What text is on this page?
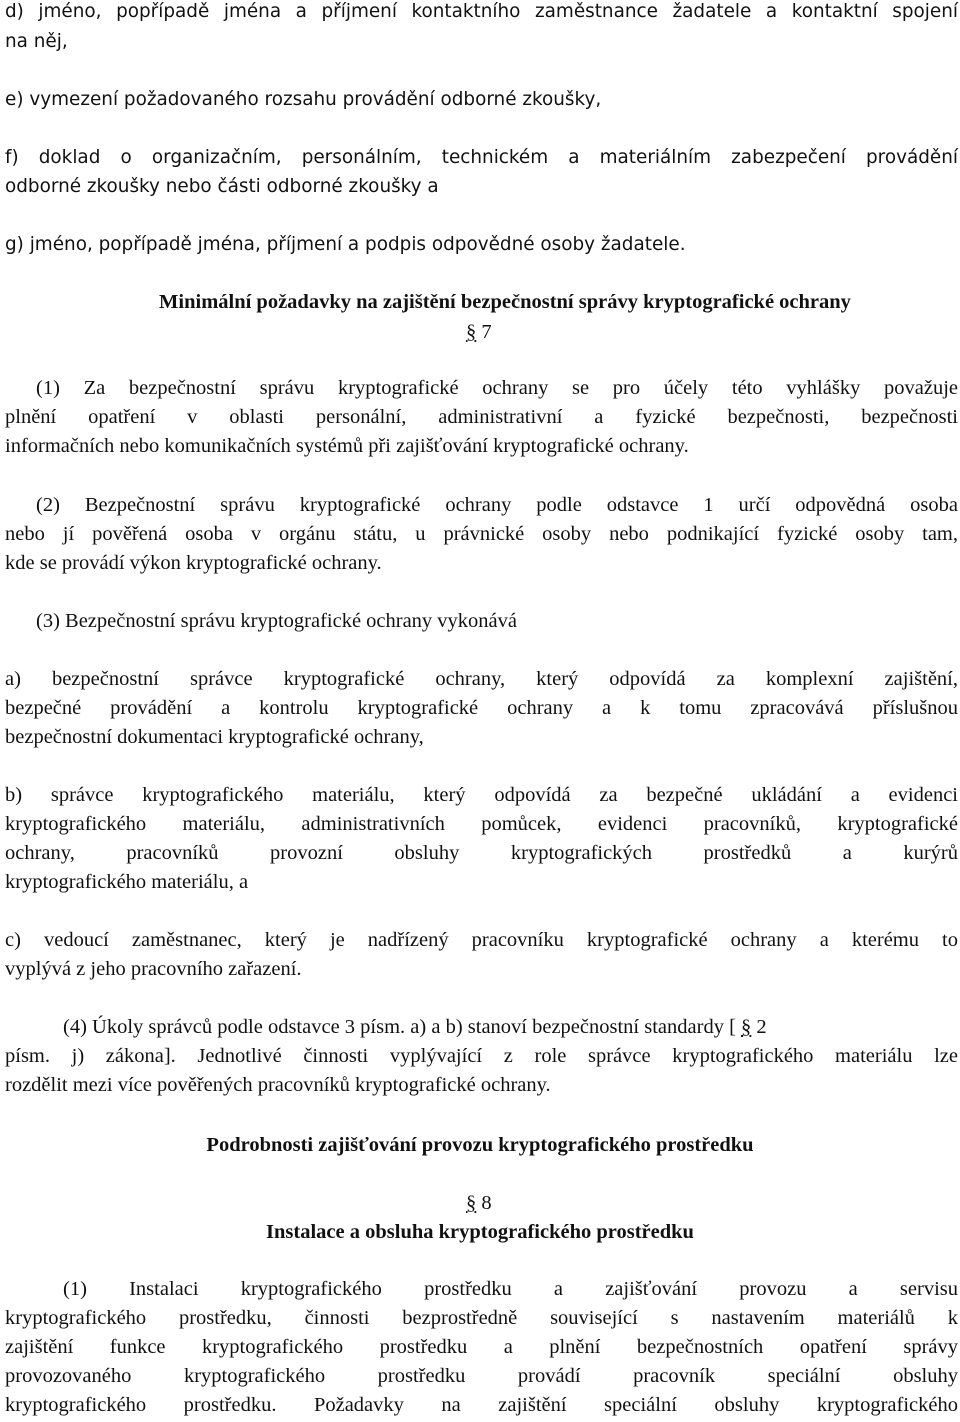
d) jméno, popřípadě jména a příjmení kontaktního zaměstnance žadatele a kontaktní spojení
na něj,
e) vymezení požadovaného rozsahu provádění odborné zkoušky,
f) doklad o organizačním, personálním, technickém a materiálním zabezpečení provádění
odborné zkoušky nebo části odborné zkoušky a
g) jméno, popřípadě jména, příjmení a podpis odpovědné osoby žadatele.
Minimální požadavky na zajištění bezpečnostní správy kryptografické ochrany
§ 7
(1) Za bezpečnostní správu kryptografické ochrany se pro účely této vyhlášky považuje
plnění opatření v oblasti personální, administrativní a fyzické bezpečnosti, bezpečnosti
informačních nebo komunikačních systémů při zajišťování kryptografické ochrany.
(2) Bezpečnostní správu kryptografické ochrany podle odstavce 1 určí odpovědná osoba
nebo jí pověřená osoba v orgánu státu, u právnické osoby nebo podnikající fyzické osoby tam,
kde se provádí výkon kryptografické ochrany.
(3) Bezpečnostní správu kryptografické ochrany vykonává
a) bezpečnostní správce kryptografické ochrany, který odpovídá za komplexní zajištění,
bezpečné provádění a kontrolu kryptografické ochrany a k tomu zpracovává příslušnou
bezpečnostní dokumentaci kryptografické ochrany,
b) správce kryptografického materiálu, který odpovídá za bezpečné ukládání a evidenci
kryptografického materiálu, administrativních pomůcek, evidenci pracovníků, kryptografické
ochrany, pracovníků provozní obsluhy kryptografických prostředků a kurýrů
kryptografického materiálu, a
c) vedoucí zaměstnanec, který je nadřízený pracovníku kryptografické ochrany a kterému to
vyplývá z jeho pracovního zařazení.
(4) Úkoly správců podle odstavce 3 písm. a) a b) stanoví bezpečnostní standardy [ § 2
písm. j) zákona]. Jednotlivé činnosti vyplývající z role správce kryptografického materiálu lze
rozdělit mezi více pověřených pracovníků kryptografické ochrany.
Podrobnosti zajišťování provozu kryptografického prostředku
§ 8
Instalace a obsluha kryptografického prostředku
(1) Instalaci kryptografického prostředku a zajišťování provozu a servisu
kryptografického prostředku, činnosti bezprostředně související s nastavením materiálů k
zajištění funkce kryptografického prostředku a plnění bezpečnostních opatření správy
provozovaného kryptografického prostředku provádí pracovník speciální obsluhy
kryptografického prostředku. Požadavky na zajištění speciální obsluhy kryptografického
